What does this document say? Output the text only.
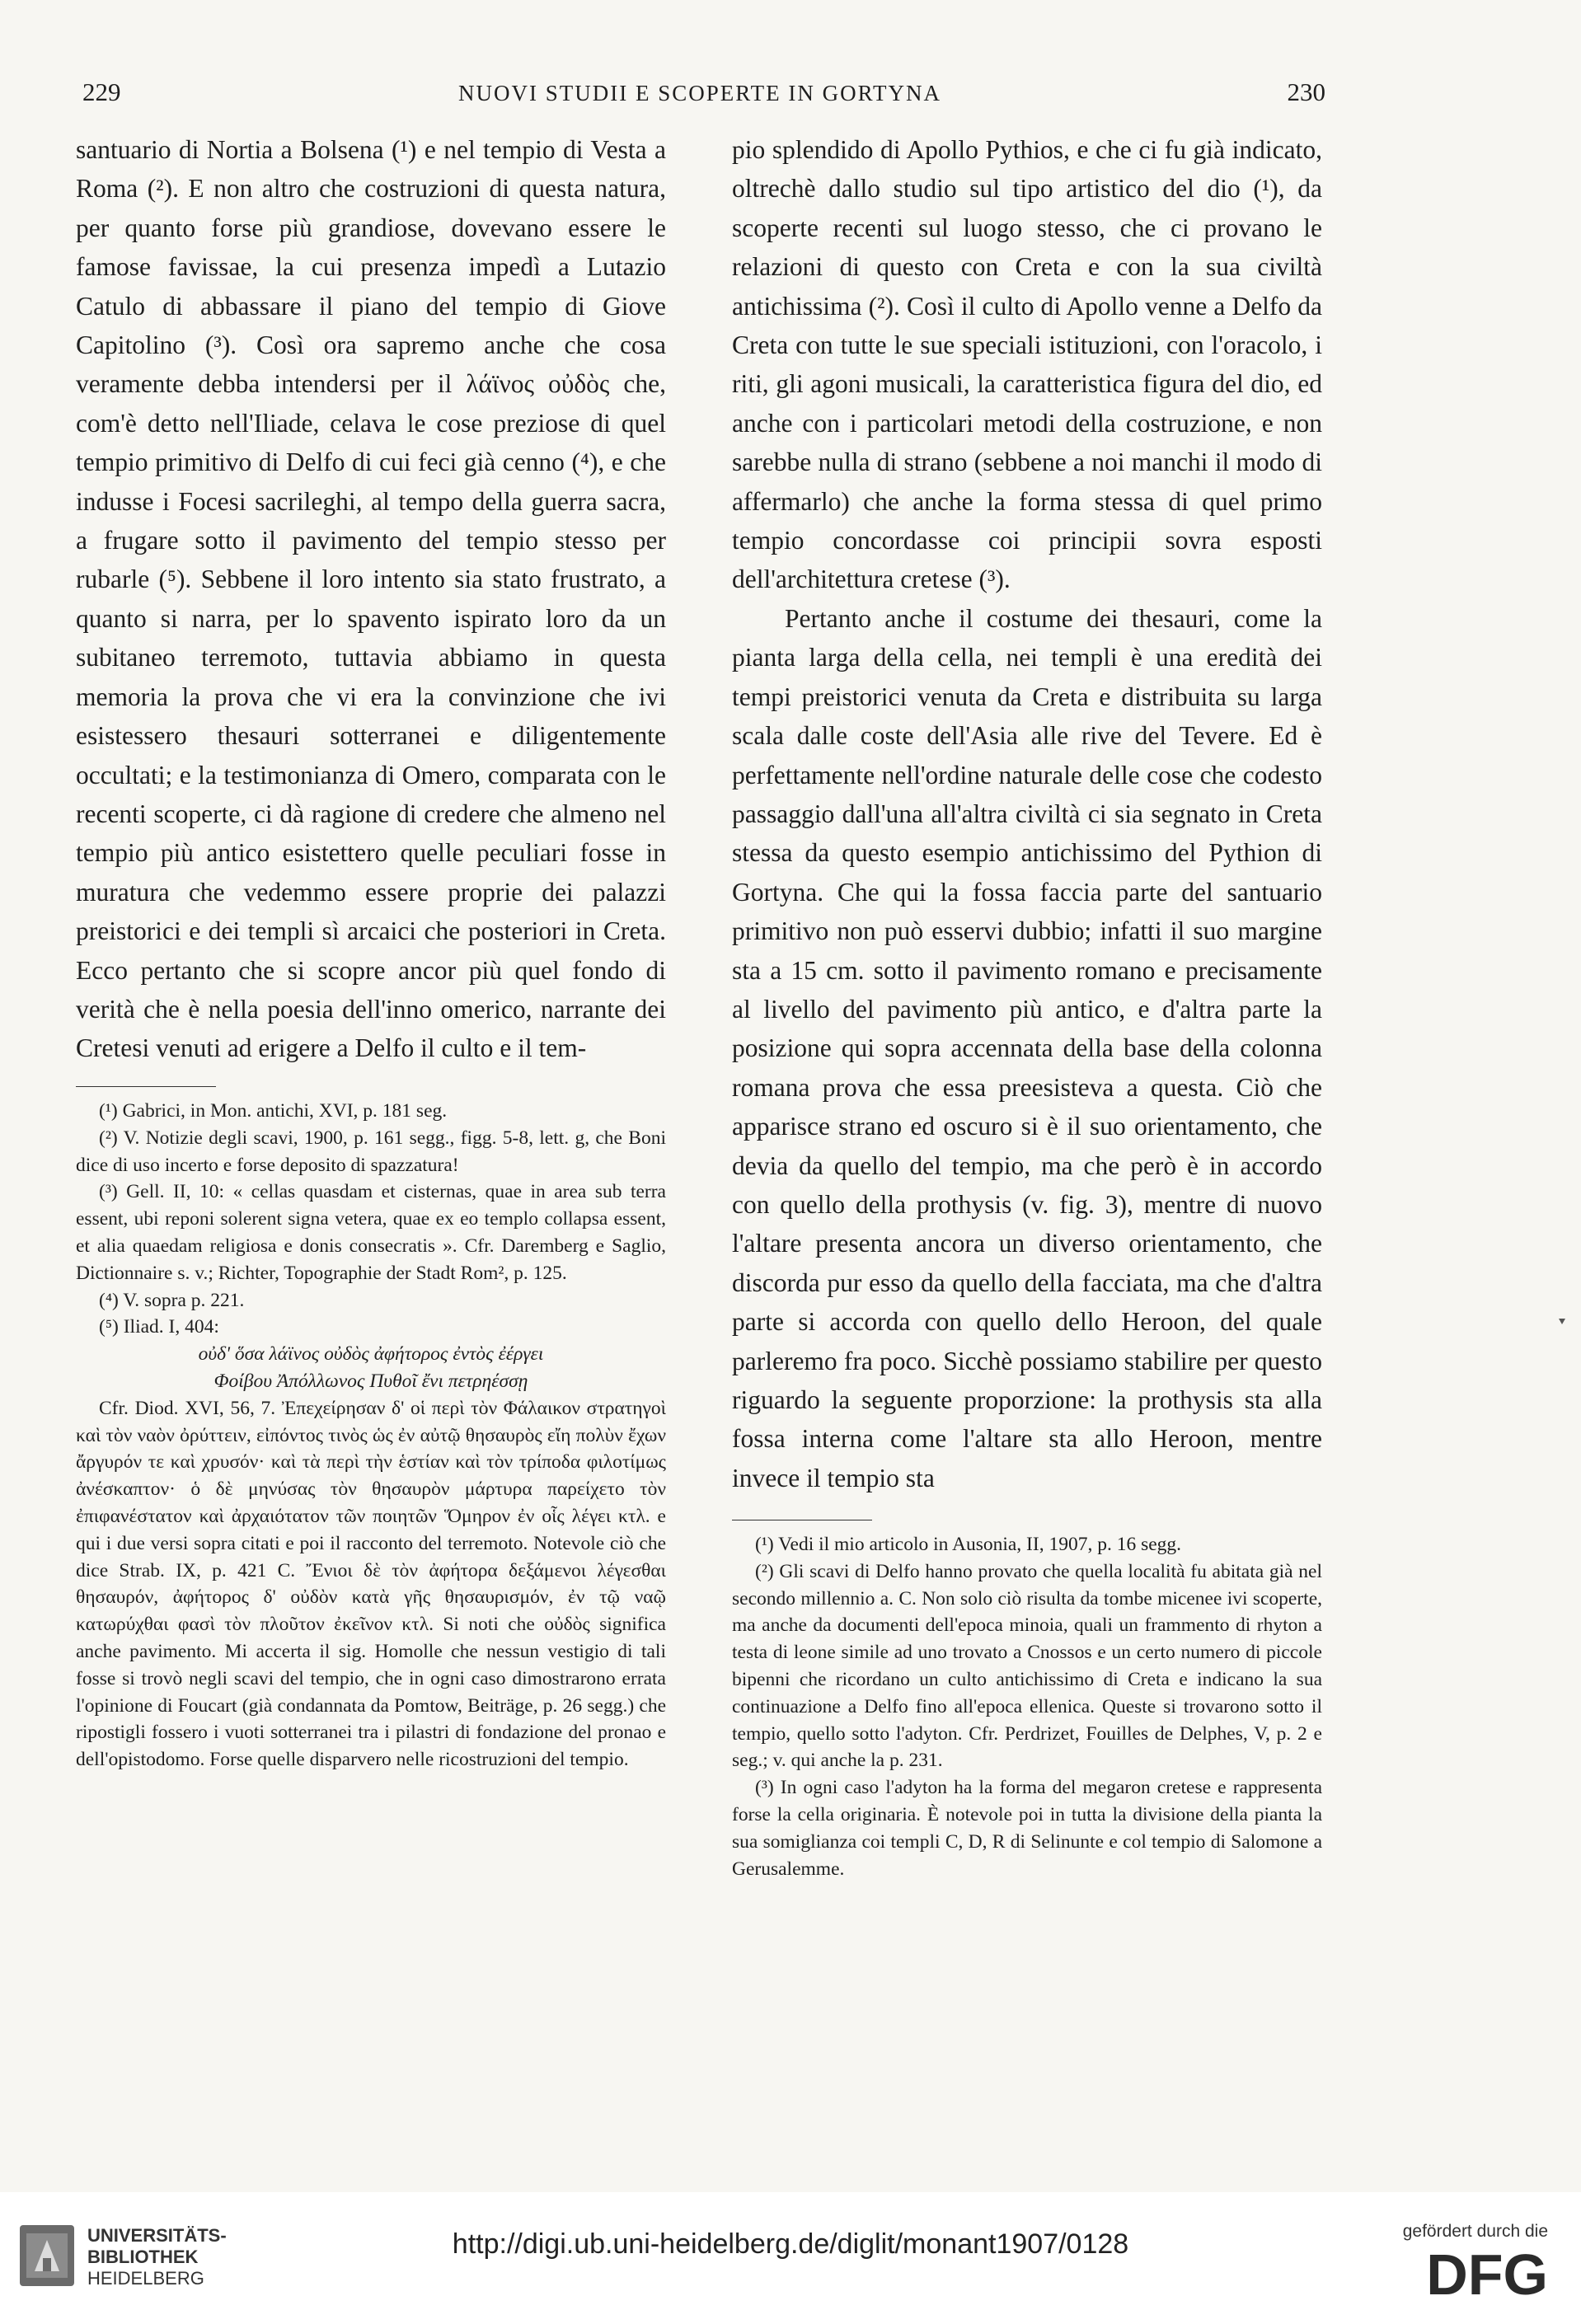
229	NUOVI STUDII E SCOPERTE IN GORTYNA	230

santuario di Nortia a Bolsena (¹) e nel tempio di Vesta a Roma (²). E non altro che costruzioni di questa natura, per quanto forse più grandiose, dovevano essere le famose favissae, la cui presenza impedì a Lutazio Catulo di abbassare il piano del tempio di Giove Capitolino (³). Così ora sapremo anche che cosa veramente debba intendersi per il λάϊνος οὐδὸς che, com'è detto nell'Iliade, celava le cose preziose di quel tempio primitivo di Delfo di cui feci già cenno (⁴), e che indusse i Focesi sacrileghi, al tempo della guerra sacra, a frugare sotto il pavimento del tempio stesso per rubarle (⁵). Sebbene il loro intento sia stato frustrato, a quanto si narra, per lo spavento ispirato loro da un subitaneo terremoto, tuttavia abbiamo in questa memoria la prova che vi era la convinzione che ivi esistessero thesauri sotterranei e diligentemente occultati; e la testimonianza di Omero, comparata con le recenti scoperte, ci dà ragione di credere che almeno nel tempio più antico esistettero quelle peculiari fosse in muratura che vedemmo essere proprie dei palazzi preistorici e dei templi sì arcaici che posteriori in Creta. Ecco pertanto che si scopre ancor più quel fondo di verità che è nella poesia dell'inno omerico, narrante dei Cretesi venuti ad erigere a Delfo il culto e il tem-

(¹) Gabrici, in Mon. antichi, XVI, p. 181 seg.

(²) V. Notizie degli scavi, 1900, p. 161 segg., figg. 5-8, lett. g, che Boni dice di uso incerto e forse deposito di spazzatura!

(³) Gell. II, 10: « cellas quasdam et cisternas, quae in area sub terra essent, ubi reponi solerent signa vetera, quae ex eo templo collapsa essent, et alia quaedam religiosa e donis consecratis ». Cfr. Daremberg e Saglio, Dictionnaire s. v.; Richter, Topographie der Stadt Rom², p. 125.

(⁴) V. sopra p. 221.

(⁵) Iliad. I, 404:

οὐδ' ὅσα λάϊνος οὐδὸς ἀφήτορος ἐντὸς ἐέργει

Φοίβου Ἀπόλλωνος Πυθοῖ ἔνι πετρηέσσῃ

Cfr. Diod. XVI, 56, 7. Ἐπεχείρησαν δ' οἱ περὶ τὸν Φάλαικον στρατηγοὶ καὶ τὸν ναὸν ὀρύττειν, εἰπόντος τινὸς ὡς ἐν αὐτῷ θησαυρὸς εἴη πολὺν ἔχων ἄργυρόν τε καὶ χρυσόν· καὶ τὰ περὶ τὴν ἑστίαν καὶ τὸν τρίποδα φιλοτίμως ἀνέσκαπτον· ὁ δὲ μηνύσας τὸν θησαυρὸν μάρτυρα παρείχετο τὸν ἐπιφανέστατον καὶ ἀρχαιότατον τῶν ποιητῶν Ὅμηρον ἐν οἷς λέγει κτλ. e qui i due versi sopra citati e poi il racconto del terremoto. Notevole ciò che dice Strab. IX, p. 421 C. Ἔνιοι δὲ τὸν ἀφήτορα δεξάμενοι λέγεσθαι θησαυρόν, ἀφήτορος δ' οὐδὸν κατὰ γῆς θησαυρισμόν, ἐν τῷ ναῷ κατωρύχθαι φασὶ τὸν πλοῦτον ἐκεῖνον κτλ. Si noti che οὐδὸς significa anche pavimento. Mi accerta il sig. Homolle che nessun vestigio di tali fosse si trovò negli scavi del tempio, che in ogni caso dimostrarono errata l'opinione di Foucart (già condannata da Pomtow, Beiträge, p. 26 segg.) che ripostigli fossero i vuoti sotterranei tra i pilastri di fondazione del pronao e dell'opistodomo. Forse quelle disparvero nelle ricostruzioni del tempio.

pio splendido di Apollo Pythios, e che ci fu già indicato, oltrechè dallo studio sul tipo artistico del dio (¹), da scoperte recenti sul luogo stesso, che ci provano le relazioni di questo con Creta e con la sua civiltà antichissima (²). Così il culto di Apollo venne a Delfo da Creta con tutte le sue speciali istituzioni, con l'oracolo, i riti, gli agoni musicali, la caratteristica figura del dio, ed anche con i particolari metodi della costruzione, e non sarebbe nulla di strano (sebbene a noi manchi il modo di affermarlo) che anche la forma stessa di quel primo tempio concordasse coi principii sovra esposti dell'architettura cretese (³).

Pertanto anche il costume dei thesauri, come la pianta larga della cella, nei templi è una eredità dei tempi preistorici venuta da Creta e distribuita su larga scala dalle coste dell'Asia alle rive del Tevere. Ed è perfettamente nell'ordine naturale delle cose che codesto passaggio dall'una all'altra civiltà ci sia segnato in Creta stessa da questo esempio antichissimo del Pythion di Gortyna. Che qui la fossa faccia parte del santuario primitivo non può esservi dubbio; infatti il suo margine sta a 15 cm. sotto il pavimento romano e precisamente al livello del pavimento più antico, e d'altra parte la posizione qui sopra accennata della base della colonna romana prova che essa preesisteva a questa. Ciò che apparisce strano ed oscuro si è il suo orientamento, che devia da quello del tempio, ma che però è in accordo con quello della prothysis (v. fig. 3), mentre di nuovo l'altare presenta ancora un diverso orientamento, che discorda pur esso da quello della facciata, ma che d'altra parte si accorda con quello dello Heroon, del quale parleremo fra poco. Sicchè possiamo stabilire per questo riguardo la seguente proporzione: la prothysis sta alla fossa interna come l'altare sta allo Heroon, mentre invece il tempio sta

(¹) Vedi il mio articolo in Ausonia, II, 1907, p. 16 segg.

(²) Gli scavi di Delfo hanno provato che quella località fu abitata già nel secondo millennio a. C. Non solo ciò risulta da tombe micenee ivi scoperte, ma anche da documenti dell'epoca minoia, quali un frammento di rhyton a testa di leone simile ad uno trovato a Cnossos e un certo numero di piccole bipenni che ricordano un culto antichissimo di Creta e indicano la sua continuazione a Delfo fino all'epoca ellenica. Queste si trovarono sotto il tempio, quello sotto l'adyton. Cfr. Perdrizet, Fouilles de Delphes, V, p. 2 e seg.; v. qui anche la p. 231.

(³) In ogni caso l'adyton ha la forma del megaron cretese e rappresenta forse la cella originaria. È notevole poi in tutta la divisione della pianta la sua somiglianza coi templi C, D, R di Selinunte e col tempio di Salomone a Gerusalemme.

UNIVERSITÄTS-
BIBLIOTHEK
HEIDELBERG
http://digi.ub.uni-heidelberg.de/diglit/monant1907/0128	gefördert durch die
DFG
